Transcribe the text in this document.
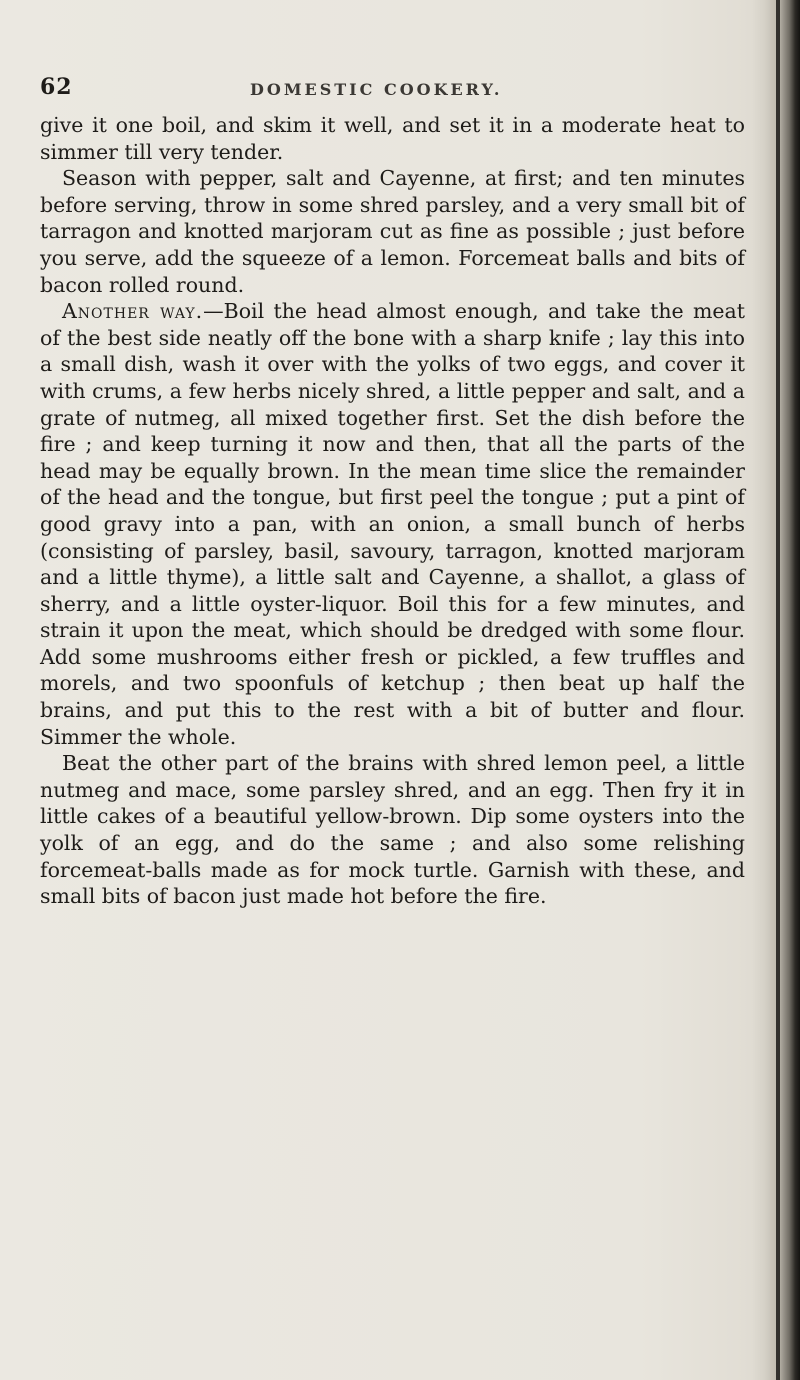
62	DOMESTIC COOKERY.

give it one boil, and skim it well, and set it in a moderate heat to simmer till very tender.

Season with pepper, salt and Cayenne, at first; and ten minutes before serving, throw in some shred parsley, and a very small bit of tarragon and knotted marjoram cut as fine as possible ; just before you serve, add the squeeze of a lemon. Forcemeat balls and bits of bacon rolled round.

Another way.—Boil the head almost enough, and take the meat of the best side neatly off the bone with a sharp knife ; lay this into a small dish, wash it over with the yolks of two eggs, and cover it with crums, a few herbs nicely shred, a little pepper and salt, and a grate of nutmeg, all mixed together first. Set the dish before the fire ; and keep turning it now and then, that all the parts of the head may be equally brown. In the mean time slice the remainder of the head and the tongue, but first peel the tongue ; put a pint of good gravy into a pan, with an onion, a small bunch of herbs (consisting of parsley, basil, savoury, tarragon, knotted marjoram and a little thyme), a little salt and Cayenne, a shallot, a glass of sherry, and a little oyster-liquor. Boil this for a few minutes, and strain it upon the meat, which should be dredged with some flour. Add some mushrooms either fresh or pickled, a few truffles and morels, and two spoonfuls of ketchup ; then beat up half the brains, and put this to the rest with a bit of butter and flour. Simmer the whole.

Beat the other part of the brains with shred lemon peel, a little nutmeg and mace, some parsley shred, and an egg. Then fry it in little cakes of a beautiful yellow-brown. Dip some oysters into the yolk of an egg, and do the same ; and also some relishing forcemeat-balls made as for mock turtle. Garnish with these, and small bits of bacon just made hot before the fire.
